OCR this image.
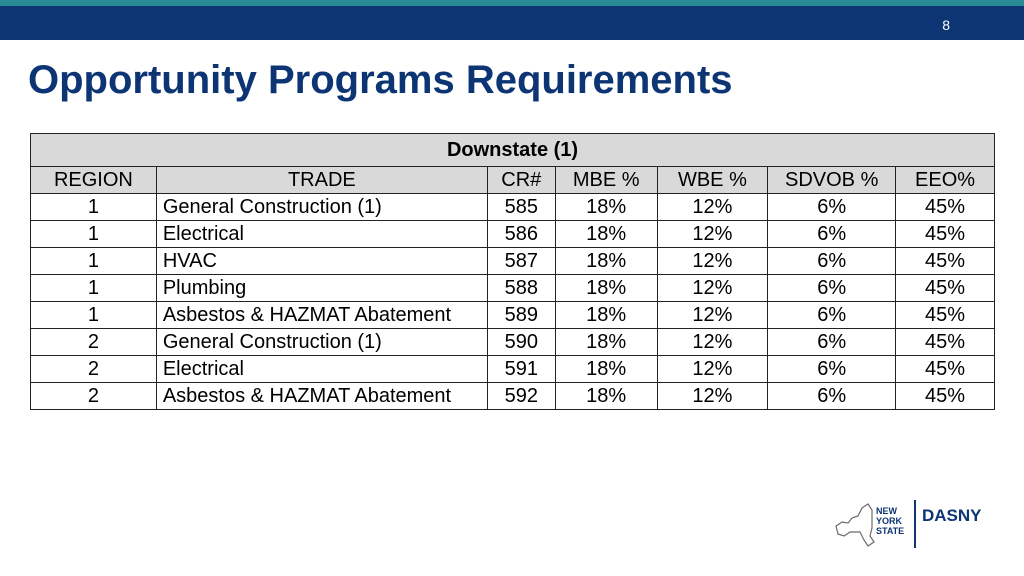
8
Opportunity Programs Requirements
Downstate (1)						
REGION	TRADE	CR#	MBE %	WBE %	SDVOB %	EEO%
1	General Construction (1)	585	18%	12%	6%	45%
1	Electrical	586	18%	12%	6%	45%
1	HVAC	587	18%	12%	6%	45%
1	Plumbing	588	18%	12%	6%	45%
1	Asbestos & HAZMAT Abatement	589	18%	12%	6%	45%
2	General Construction (1)	590	18%	12%	6%	45%
2	Electrical	591	18%	12%	6%	45%
2	Asbestos & HAZMAT Abatement	592	18%	12%	6%	45%
NEW
YORK
STATE
DASNY
